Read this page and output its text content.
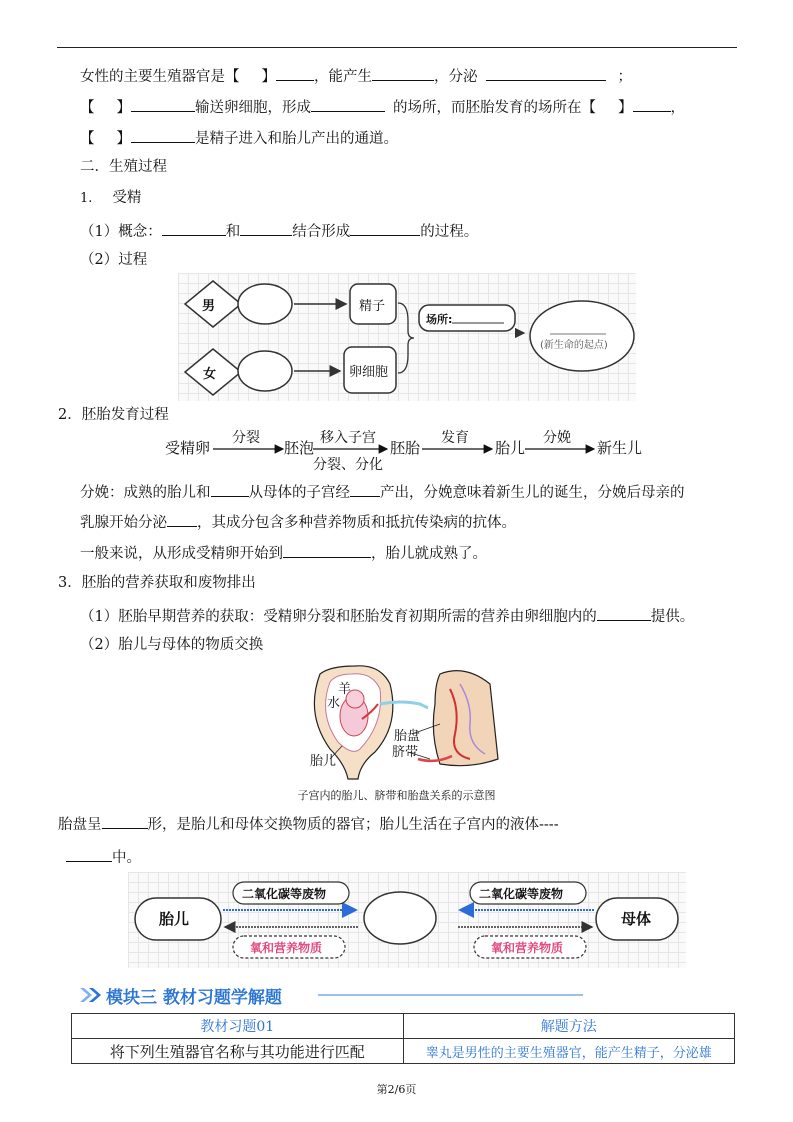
女性的主要生殖器官是【 】	，能产生	，分泌	；
【 】	输送卵细胞，形成	的场所，而胚胎发育的场所在【 】	，
【 】	是精子进入和胎儿产出的通道。
二．生殖过程
1. 受精
（1）概念：	和	结合形成	的过程。
（2）过程
男
女
精子
卵细胞
场所:
(新生命的起点)
2．胚胎发育过程
受精卵	胚泡	胚胎	胎儿	新生儿
分裂	移入子宫	发育	分娩
分裂、分化
分娩：成熟的胎儿和	从母体的子宫经 产出，分娩意味着新生儿的诞生，分娩后母亲的
乳腺开始分泌 ，其成分包含多种营养物质和抵抗传染病的抗体。
一般来说，从形成受精卵开始到	，胎儿就成熟了。
3．胚胎的营养获取和废物排出
（1）胚胎早期营养的获取：受精卵分裂和胚胎发育初期所需的营养由卵细胞内的	提供。
（2）胎儿与母体的物质交换
羊
水
胎盘
脐带
胎儿
子宫内的胎儿、脐带和胎盘关系的示意图
胎盘呈	形，是胎儿和母体交换物质的器官；胎儿生活在子宫内的液体----
中。
胎儿	母体
二氧化碳等废物	二氧化碳等废物
氧和营养物质	氧和营养物质
模块三 教材习题学解题
教材习题01	解题方法
将下列生殖器官名称与其功能进行匹配	睾丸是男性的主要生殖器官，能产生精子，分泌雄
第2/6页
